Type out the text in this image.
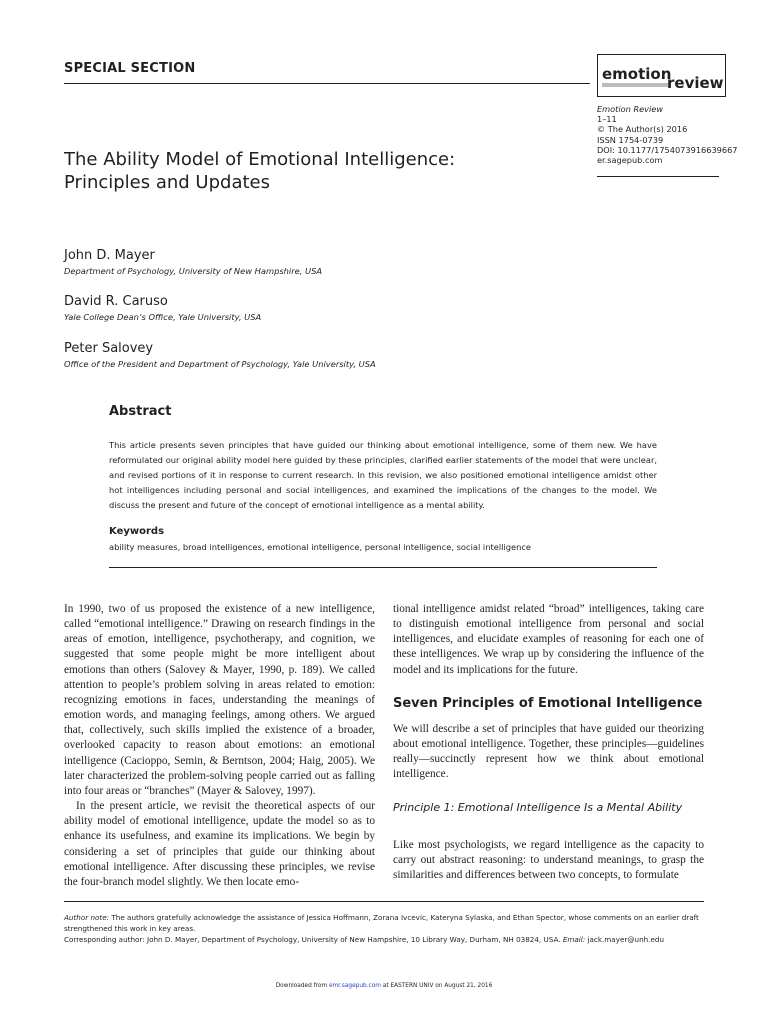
SPECIAL SECTION	emotion
review
Emotion Review
1–11
© The Author(s) 2016
ISSN 1754-0739
DOI: 10.1177/1754073916639667
er.sagepub.com
The Ability Model of Emotional Intelligence:
Principles and Updates
John D. Mayer
Department of Psychology, University of New Hampshire, USA
David R. Caruso
Yale College Dean’s Office, Yale University, USA
Peter Salovey
Office of the President and Department of Psychology, Yale University, USA
Abstract
This article presents seven principles that have guided our thinking about emotional intelligence, some of them new. We have reformulated our original ability model here guided by these principles, clarified earlier statements of the model that were unclear, and revised portions of it in response to current research. In this revision, we also positioned emotional intelligence amidst other hot intelligences including personal and social intelligences, and examined the implications of the changes to the model. We discuss the present and future of the concept of emotional intelligence as a mental ability.
Keywords
ability measures, broad intelligences, emotional intelligence, personal intelligence, social intelligence

In 1990, two of us proposed the existence of a new intelligence, called “emotional intelligence.” Drawing on research findings in the areas of emotion, intelligence, psychotherapy, and cognition, we suggested that some people might be more intelligent about emotions than others (Salovey & Mayer, 1990, p. 189). We called attention to people’s problem solving in areas related to emotion: recognizing emotions in faces, understanding the meanings of emotion words, and managing feelings, among others. We argued that, collectively, such skills implied the existence of a broader, overlooked capacity to reason about emotions: an emotional intelligence (Cacioppo, Semin, & Berntson, 2004; Haig, 2005). We later characterized the problem-solving people carried out as falling into four areas or “branches” (Mayer & Salovey, 1997).

In the present article, we revisit the theoretical aspects of our ability model of emotional intelligence, update the model so as to enhance its usefulness, and examine its implications. We begin by considering a set of principles that guide our thinking about emotional intelligence. After discussing these principles, we revise the four-branch model slightly. We then locate emo-

tional intelligence amidst related “broad” intelligences, taking care to distinguish emotional intelligence from personal and social intelligences, and elucidate examples of reasoning for each one of these intelligences. We wrap up by considering the influence of the model and its implications for the future.

Seven Principles of Emotional Intelligence

We will describe a set of principles that have guided our theorizing about emotional intelligence. Together, these principles—guidelines really—succinctly represent how we think about emotional intelligence.

Principle 1: Emotional Intelligence Is a Mental Ability

Like most psychologists, we regard intelligence as the capacity to carry out abstract reasoning: to understand meanings, to grasp the similarities and differences between two concepts, to formulate

Author note: The authors gratefully acknowledge the assistance of Jessica Hoffmann, Zorana Ivcevic, Kateryna Sylaska, and Ethan Spector, whose comments on an earlier draft strengthened this work in key areas.
Corresponding author: John D. Mayer, Department of Psychology, University of New Hampshire, 10 Library Way, Durham, NH 03824, USA. Email: jack.mayer@unh.edu
Downloaded from emr.sagepub.com at EASTERN UNIV on August 21, 2016
